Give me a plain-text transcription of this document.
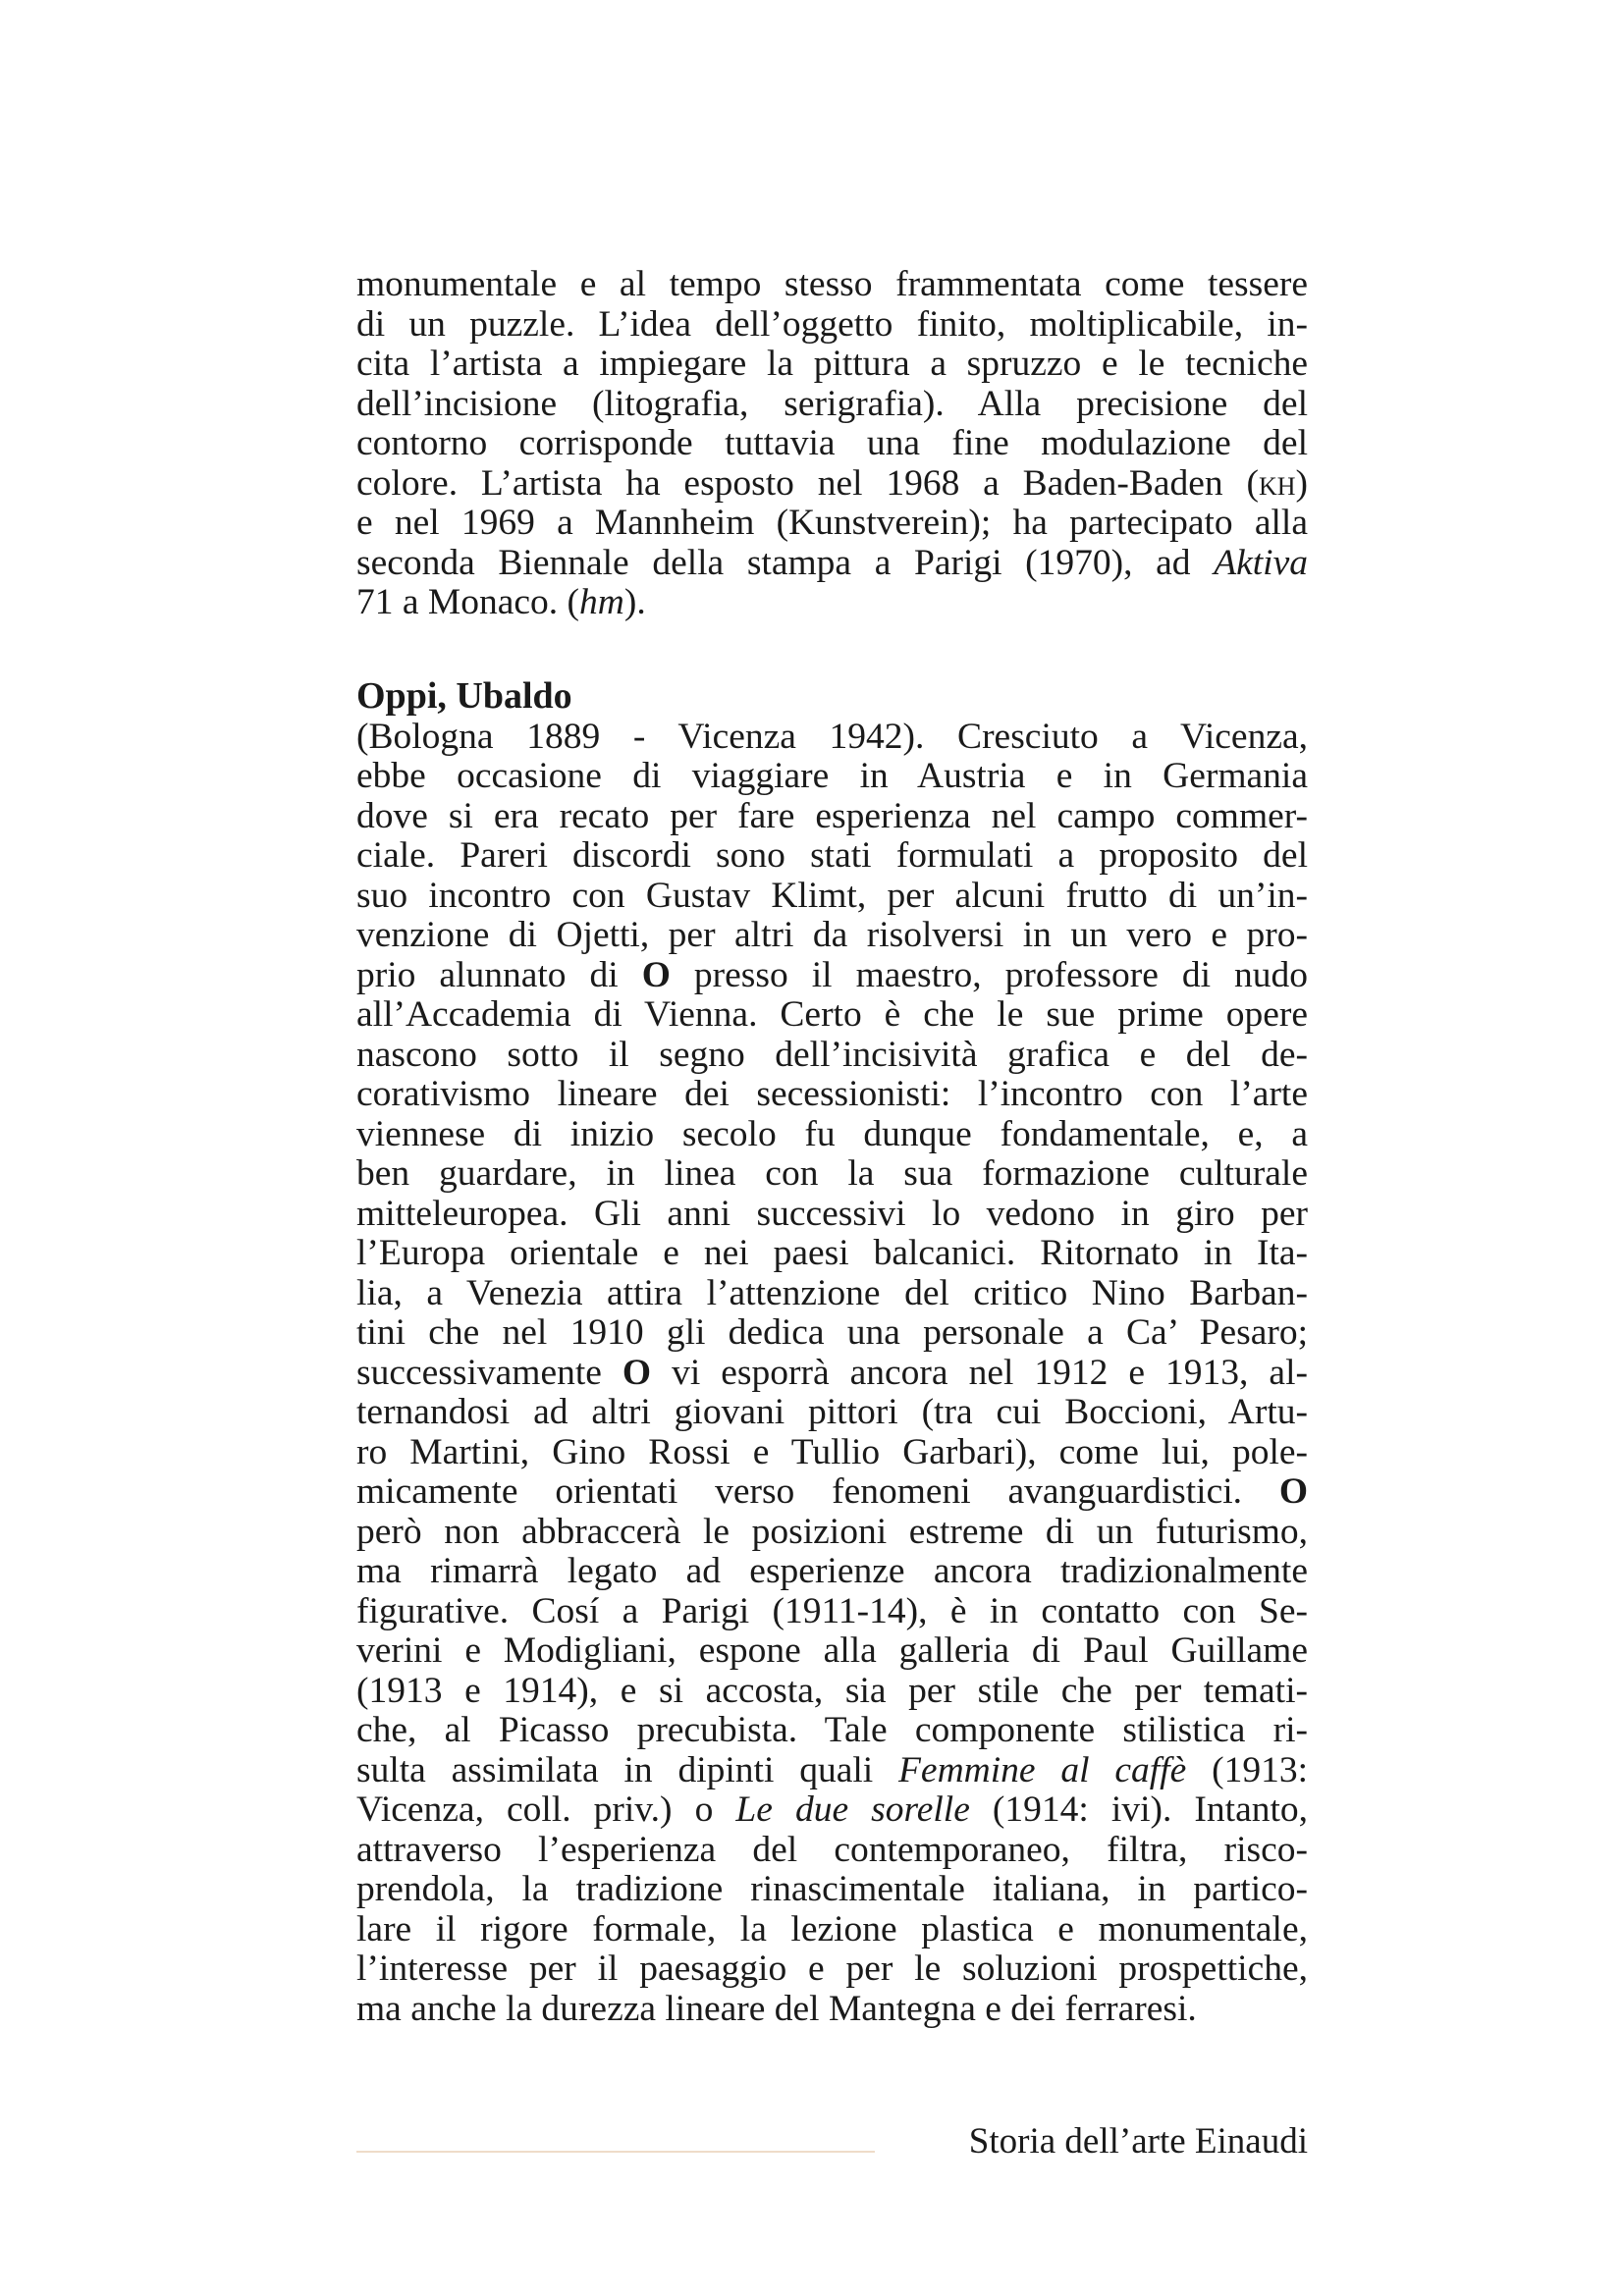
monumentale e al tempo stesso frammentata come tessere
di un puzzle. L’idea dell’oggetto finito, moltiplicabile, in-
cita l’artista a impiegare la pittura a spruzzo e le tecniche
dell’incisione (litografia, serigrafia). Alla precisione del
contorno corrisponde tuttavia una fine modulazione del
colore. L’artista ha esposto nel 1968 a Baden-Baden (kh)
e nel 1969 a Mannheim (Kunstverein); ha partecipato alla
seconda Biennale della stampa a Parigi (1970), ad Aktiva
71 a Monaco. (hm).

Oppi, Ubaldo

(Bologna 1889 - Vicenza 1942). Cresciuto a Vicenza,
ebbe occasione di viaggiare in Austria e in Germania
dove si era recato per fare esperienza nel campo commer-
ciale. Pareri discordi sono stati formulati a proposito del
suo incontro con Gustav Klimt, per alcuni frutto di un’in-
venzione di Ojetti, per altri da risolversi in un vero e pro-
prio alunnato di O presso il maestro, professore di nudo
all’Accademia di Vienna. Certo è che le sue prime opere
nascono sotto il segno dell’incisività grafica e del de-
corativismo lineare dei secessionisti: l’incontro con l’arte
viennese di inizio secolo fu dunque fondamentale, e, a
ben guardare, in linea con la sua formazione culturale
mitteleuropea. Gli anni successivi lo vedono in giro per
l’Europa orientale e nei paesi balcanici. Ritornato in Ita-
lia, a Venezia attira l’attenzione del critico Nino Barban-
tini che nel 1910 gli dedica una personale a Ca’ Pesaro;
successivamente O vi esporrà ancora nel 1912 e 1913, al-
ternandosi ad altri giovani pittori (tra cui Boccioni, Artu-
ro Martini, Gino Rossi e Tullio Garbari), come lui, pole-
micamente orientati verso fenomeni avanguardistici. O
però non abbraccerà le posizioni estreme di un futurismo,
ma rimarrà legato ad esperienze ancora tradizionalmente
figurative. Cosí a Parigi (1911-14), è in contatto con Se-
verini e Modigliani, espone alla galleria di Paul Guillame
(1913 e 1914), e si accosta, sia per stile che per temati-
che, al Picasso precubista. Tale componente stilistica ri-
sulta assimilata in dipinti quali Femmine al caffè (1913:
Vicenza, coll. priv.) o Le due sorelle (1914: ivi). Intanto,
attraverso l’esperienza del contemporaneo, filtra, risco-
prendola, la tradizione rinascimentale italiana, in partico-
lare il rigore formale, la lezione plastica e monumentale,
l’interesse per il paesaggio e per le soluzioni prospettiche,
ma anche la durezza lineare del Mantegna e dei ferraresi.

Storia dell’arte Einaudi
